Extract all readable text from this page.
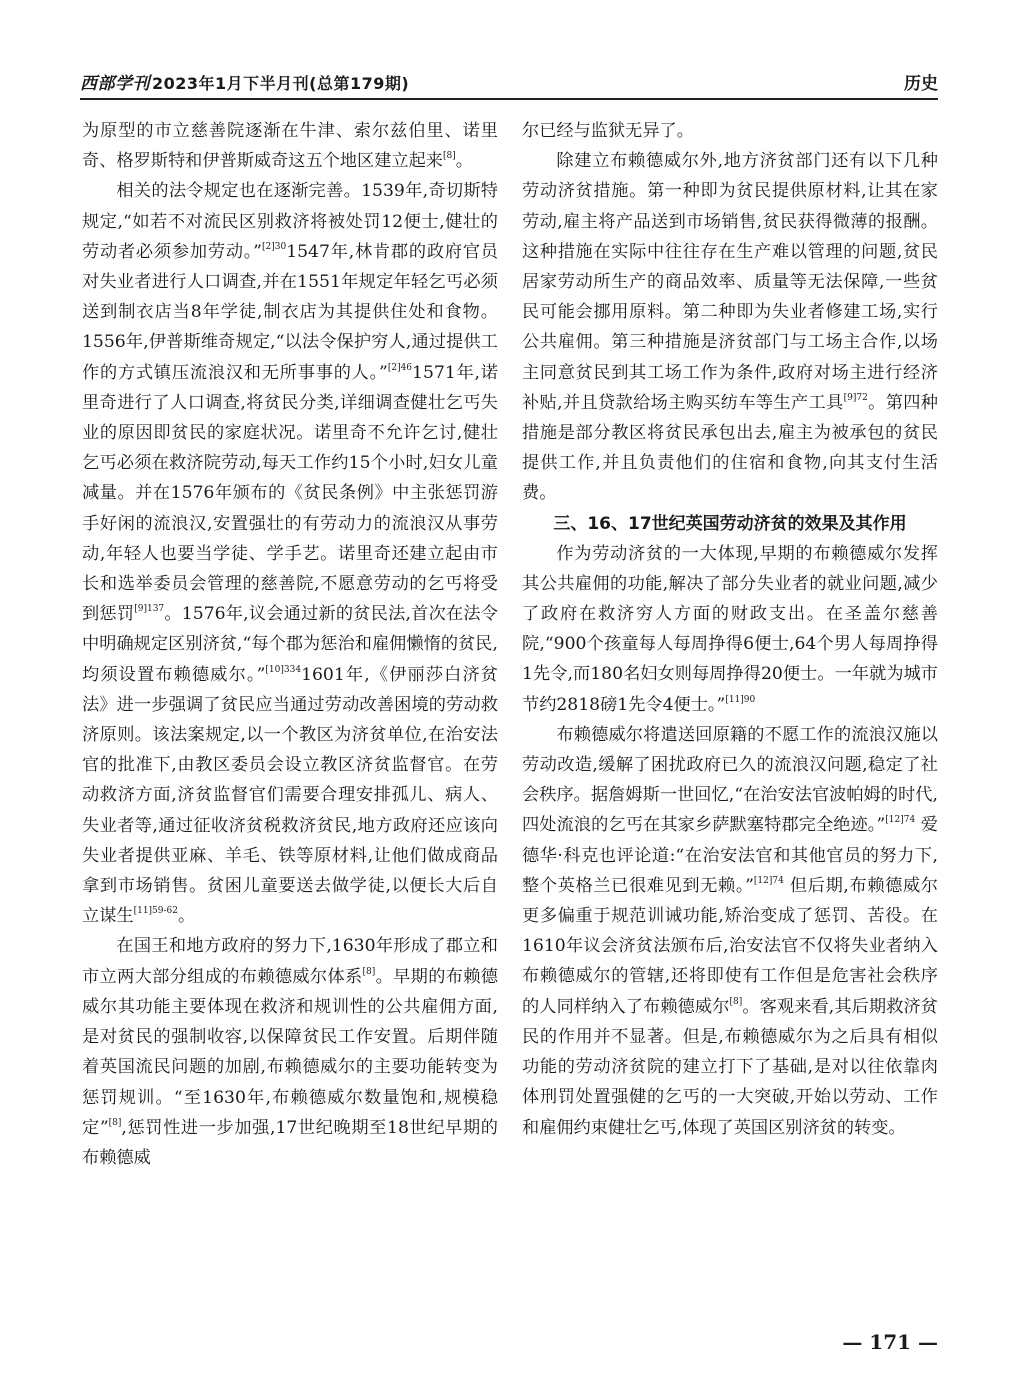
西部学刊 2023年1月下半月刊(总第179期)	历史

为原型的市立慈善院逐渐在牛津、索尔兹伯里、诺里奇、格罗斯特和伊普斯威奇这五个地区建立起来[8]。

相关的法令规定也在逐渐完善。1539年,奇切斯特规定,“如若不对流民区别救济将被处罚12便士,健壮的劳动者必须参加劳动。”$^{[2]30}$1547年,林肯郡的政府官员对失业者进行人口调查,并在1551年规定年轻乞丐必须送到制衣店当8年学徒,制衣店为其提供住处和食物。1556年,伊普斯维奇规定,“以法令保护穷人,通过提供工作的方式镇压流浪汉和无所事事的人。”$^{[2]46}$1571年,诺里奇进行了人口调查,将贫民分类,详细调查健壮乞丐失业的原因即贫民的家庭状况。诺里奇不允许乞讨,健壮乞丐必须在救济院劳动,每天工作约15个小时,妇女儿童减量。并在1576年颁布的《贫民条例》中主张惩罚游手好闲的流浪汉,安置强壮的有劳动力的流浪汉从事劳动,年轻人也要当学徒、学手艺。诺里奇还建立起由市长和选举委员会管理的慈善院,不愿意劳动的乞丐将受到惩罚$^{[9]137}$。1576年,议会通过新的贫民法,首次在法令中明确规定区别济贫,“每个郡为惩治和雇佣懒惰的贫民,均须设置布赖德威尔。”$^{[10]334}$1601年,《伊丽莎白济贫法》进一步强调了贫民应当通过劳动改善困境的劳动救济原则。该法案规定,以一个教区为济贫单位,在治安法官的批准下,由教区委员会设立教区济贫监督官。在劳动救济方面,济贫监督官们需要合理安排孤儿、病人、失业者等,通过征收济贫税救济贫民,地方政府还应该向失业者提供亚麻、羊毛、铁等原材料,让他们做成商品拿到市场销售。贫困儿童要送去做学徒,以便长大后自立谋生$^{[11]59-62}$。

在国王和地方政府的努力下,1630年形成了郡立和市立两大部分组成的布赖德威尔体系[8]。早期的布赖德威尔其功能主要体现在救济和规训性的公共雇佣方面,是对贫民的强制收容,以保障贫民工作安置。后期伴随着英国流民问题的加剧,布赖德威尔的主要功能转变为惩罚规训。“至1630年,布赖德威尔数量饱和,规模稳定”[8],惩罚性进一步加强,17世纪晚期至18世纪早期的布赖德威

尔已经与监狱无异了。

除建立布赖德威尔外,地方济贫部门还有以下几种劳动济贫措施。第一种即为贫民提供原材料,让其在家劳动,雇主将产品送到市场销售,贫民获得微薄的报酬。这种措施在实际中往往存在生产难以管理的问题,贫民居家劳动所生产的商品效率、质量等无法保障,一些贫民可能会挪用原料。第二种即为失业者修建工场,实行公共雇佣。第三种措施是济贫部门与工场主合作,以场主同意贫民到其工场工作为条件,政府对场主进行经济补贴,并且贷款给场主购买纺车等生产工具$^{[9]72}$。第四种措施是部分教区将贫民承包出去,雇主为被承包的贫民提供工作,并且负责他们的住宿和食物,向其支付生活费。

三、16、17世纪英国劳动济贫的效果及其作用

作为劳动济贫的一大体现,早期的布赖德威尔发挥其公共雇佣的功能,解决了部分失业者的就业问题,减少了政府在救济穷人方面的财政支出。在圣盖尔慈善院,“900个孩童每人每周挣得6便士,64个男人每周挣得1先令,而180名妇女则每周挣得20便士。一年就为城市节约2818磅1先令4便士。”$^{[11]90}$

布赖德威尔将遣送回原籍的不愿工作的流浪汉施以劳动改造,缓解了困扰政府已久的流浪汉问题,稳定了社会秩序。据詹姆斯一世回忆,“在治安法官波帕姆的时代,四处流浪的乞丐在其家乡萨默塞特郡完全绝迹。”$^{[12]74}$ 爱德华·科克也评论道:“在治安法官和其他官员的努力下,整个英格兰已很难见到无赖。”$^{[12]74}$ 但后期,布赖德威尔更多偏重于规范训诫功能,矫治变成了惩罚、苦役。在1610年议会济贫法颁布后,治安法官不仅将失业者纳入布赖德威尔的管辖,还将即使有工作但是危害社会秩序的人同样纳入了布赖德威尔[8]。客观来看,其后期救济贫民的作用并不显著。但是,布赖德威尔为之后具有相似功能的劳动济贫院的建立打下了基础,是对以往依靠肉体刑罚处置强健的乞丐的一大突破,开始以劳动、工作和雇佣约束健壮乞丐,体现了英国区别济贫的转变。

— 171 —
